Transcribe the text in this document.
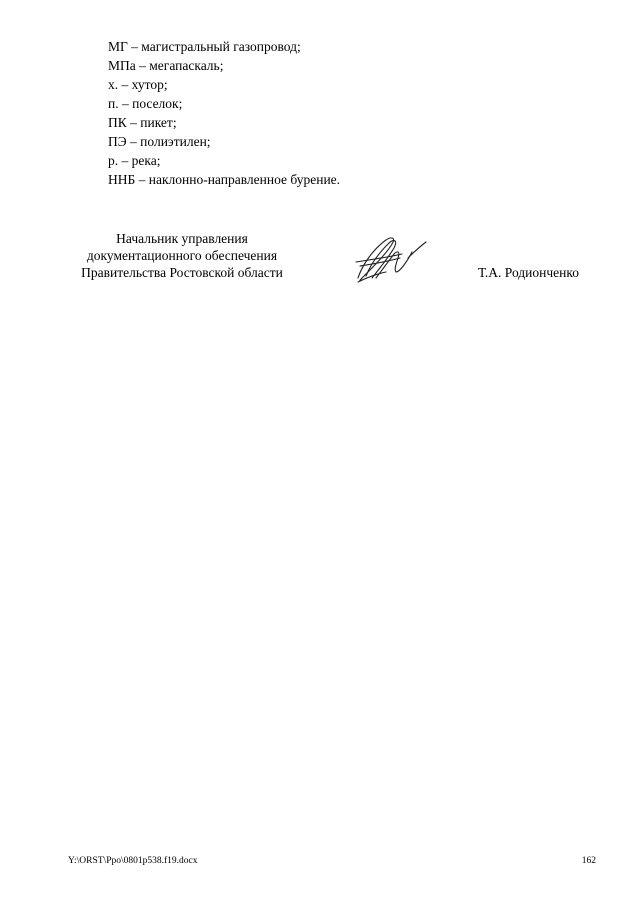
МГ – магистральный газопровод;
МПа – мегапаскаль;
х. – хутор;
п. – поселок;
ПК – пикет;
ПЭ – полиэтилен;
р. – река;
ННБ – наклонно-направленное бурение.
Начальник управления
документационного обеспечения
Правительства Ростовской области	Т.А. Родионченко
Y:\ORST\Ppo\0801p538.f19.docx	162
